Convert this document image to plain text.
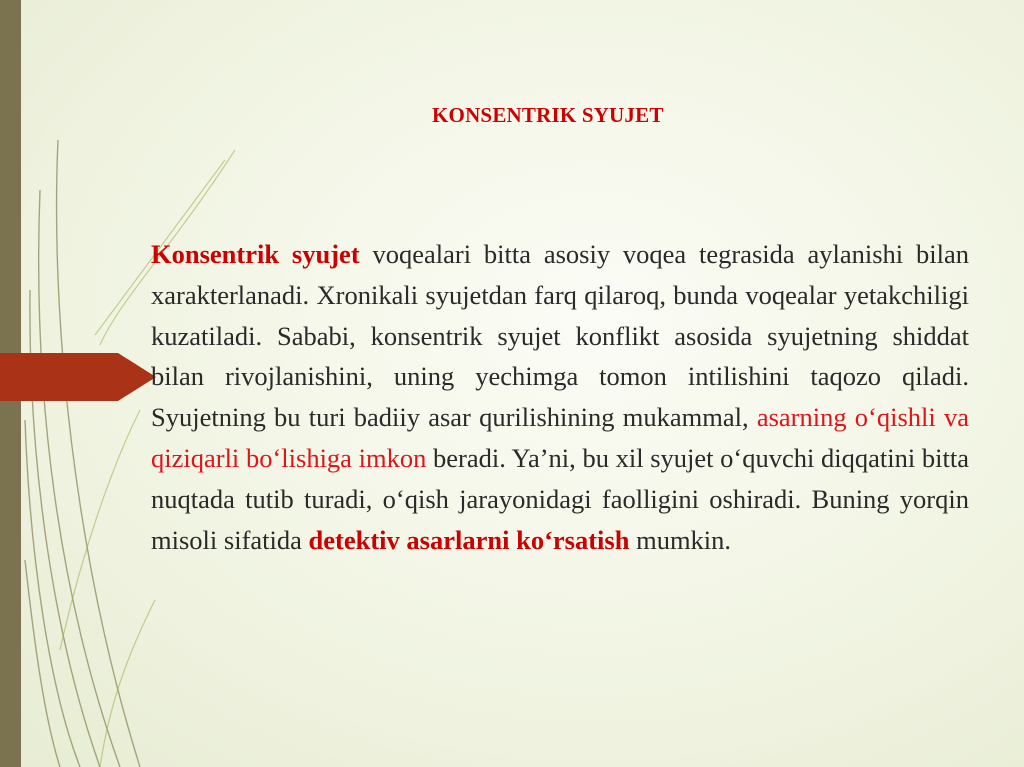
KONSENTRIK SYUJET

Konsentrik syujet voqealari bitta asosiy voqea tegrasida aylanishi bilan xarakterlanadi. Xronikali syujetdan farq qilaroq, bunda voqealar yetakchiligi kuzatiladi. Sababi, konsentrik syujet konflikt asosida syujetning shiddat bilan rivojlanishini, uning yechimga tomon intilishini taqozo qiladi. Syujetning bu turi badiiy asar qurilishining mukammal, asarning o‘qishli va qiziqarli bo‘lishiga imkon beradi. Ya’ni, bu xil syujet o‘quvchi diqqatini bitta nuqtada tutib turadi, o‘qish jarayonidagi faolligini oshiradi. Buning yorqin misoli sifatida detektiv asarlarni ko‘rsatish mumkin.
